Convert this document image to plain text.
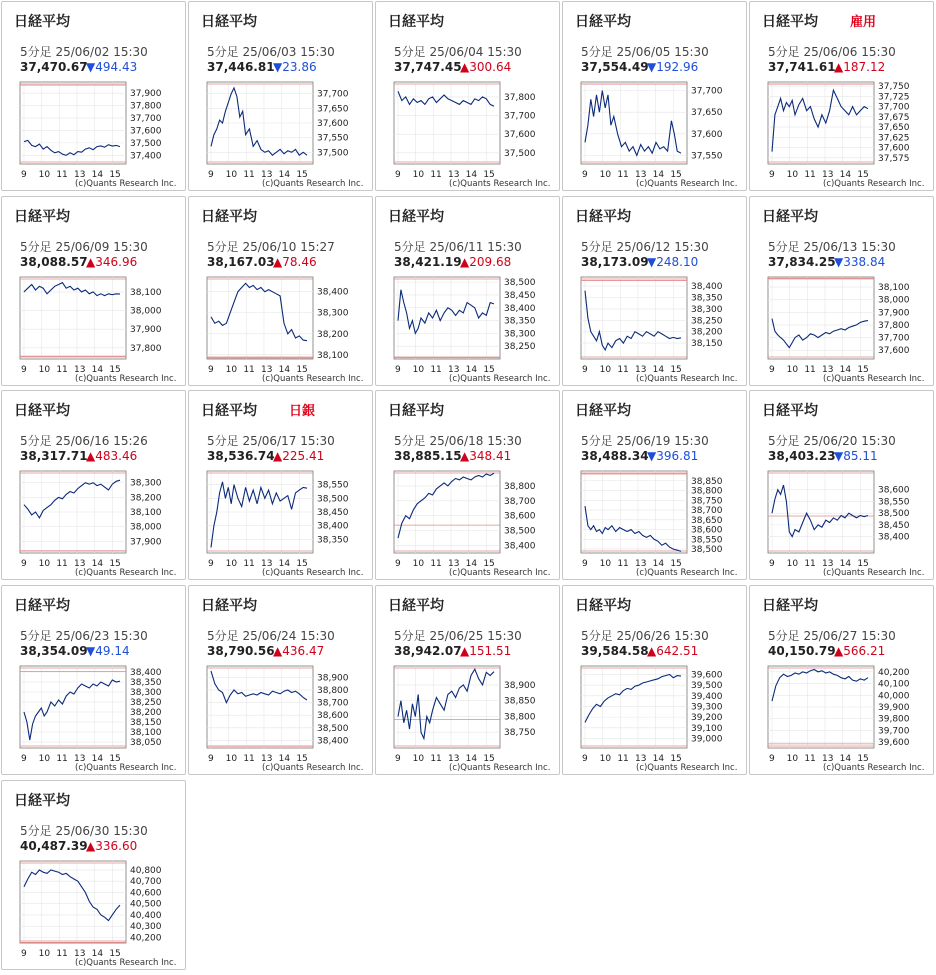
日経平均
5分足 25/06/02 15:30
37,470.67
▼494.43
37,900
37,800
37,700
37,600
37,500
37,400
9 10 11 13 14 15
(c)Quants Research Inc.
日経平均
5分足 25/06/03 15:30
37,446.81
▼23.86
37,700
37,650
37,600
37,550
37,500
9 10 11 13 14 15
(c)Quants Research Inc.
日経平均
5分足 25/06/04 15:30
37,747.45
▲300.64
37,800
37,700
37,600
37,500
9 10 11 13 14 15
(c)Quants Research Inc.
日経平均
5分足 25/06/05 15:30
37,554.49
▼192.96
37,700
37,650
37,600
37,550
9 10 11 13 14 15
(c)Quants Research Inc.
日経平均 雇用
5分足 25/06/06 15:30
37,741.61
▲187.12
37,750
37,725
37,700
37,675
37,650
37,625
37,600
37,575
9 10 11 13 14 15
(c)Quants Research Inc.
日経平均
5分足 25/06/09 15:30
38,088.57
▲346.96
38,100
38,000
37,900
37,800
9 10 11 13 14 15
(c)Quants Research Inc.
日経平均
5分足 25/06/10 15:27
38,167.03
▲78.46
38,400
38,300
38,200
38,100
9 10 11 13 14 15
(c)Quants Research Inc.
日経平均
5分足 25/06/11 15:30
38,421.19
▲209.68
38,500
38,450
38,400
38,350
38,300
38,250
9 10 11 13 14 15
(c)Quants Research Inc.
日経平均
5分足 25/06/12 15:30
38,173.09
▼248.10
38,400
38,350
38,300
38,250
38,200
38,150
9 10 11 13 14 15
(c)Quants Research Inc.
日経平均
5分足 25/06/13 15:30
37,834.25
▼338.84
38,100
38,000
37,900
37,800
37,700
37,600
9 10 11 13 14 15
(c)Quants Research Inc.
日経平均
5分足 25/06/16 15:26
38,317.71
▲483.46
38,300
38,200
38,100
38,000
37,900
9 10 11 13 14 15
(c)Quants Research Inc.
日経平均 日銀
5分足 25/06/17 15:30
38,536.74
▲225.41
38,550
38,500
38,450
38,400
38,350
9 10 11 13 14 15
(c)Quants Research Inc.
日経平均
5分足 25/06/18 15:30
38,885.15
▲348.41
38,800
38,700
38,600
38,500
38,400
9 10 11 13 14 15
(c)Quants Research Inc.
日経平均
5分足 25/06/19 15:30
38,488.34
▼396.81
38,850
38,800
38,750
38,700
38,650
38,600
38,550
38,500
9 10 11 13 14 15
(c)Quants Research Inc.
日経平均
5分足 25/06/20 15:30
38,403.23
▼85.11
38,600
38,550
38,500
38,450
38,400
9 10 11 13 14 15
(c)Quants Research Inc.
日経平均
5分足 25/06/23 15:30
38,354.09
▼49.14
38,400
38,350
38,300
38,250
38,200
38,150
38,100
38,050
9 10 11 13 14 15
(c)Quants Research Inc.
日経平均
5分足 25/06/24 15:30
38,790.56
▲436.47
38,900
38,800
38,700
38,600
38,500
38,400
9 10 11 13 14 15
(c)Quants Research Inc.
日経平均
5分足 25/06/25 15:30
38,942.07
▲151.51
38,900
38,850
38,800
38,750
9 10 11 13 14 15
(c)Quants Research Inc.
日経平均
5分足 25/06/26 15:30
39,584.58
▲642.51
39,600
39,500
39,400
39,300
39,200
39,100
39,000
9 10 11 13 14 15
(c)Quants Research Inc.
日経平均
5分足 25/06/27 15:30
40,150.79
▲566.21
40,200
40,100
40,000
39,900
39,800
39,700
39,600
9 10 11 13 14 15
(c)Quants Research Inc.
日経平均
5分足 25/06/30 15:30
40,487.39
▲336.60
40,800
40,700
40,600
40,500
40,400
40,300
40,200
9 10 11 13 14 15
(c)Quants Research Inc.
